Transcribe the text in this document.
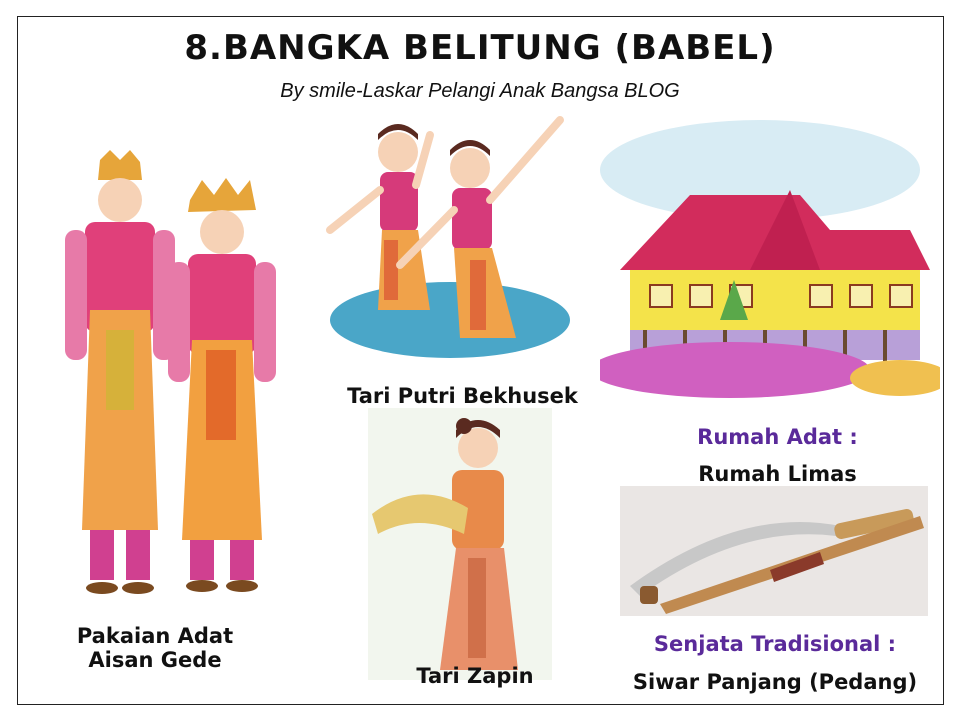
8.BANGKA BELITUNG (BABEL)
By smile-Laskar Pelangi Anak Bangsa BLOG
Pakaian Adat
Aisan Gede
Tari Putri Bekhusek
Tari Zapin
Rumah Adat :
Rumah Limas
Senjata Tradisional :
Siwar Panjang (Pedang)
